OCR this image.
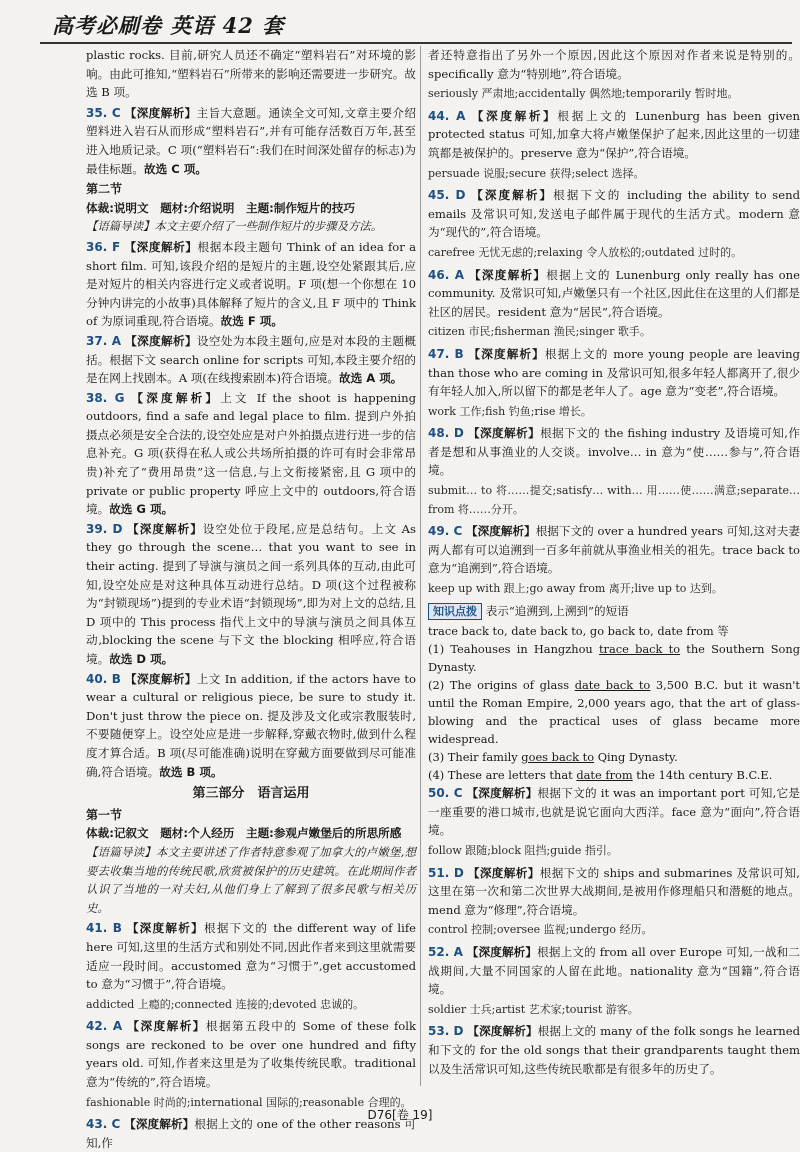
高考必刷卷 英语 42 套

plastic rocks. 目前,研究人员还不确定“塑料岩石”对环境的影响。由此可推知,“塑料岩石”所带来的影响还需要进一步研究。故选 B 项。

35. C 【深度解析】主旨大意题。通读全文可知,文章主要介绍塑料进入岩石从而形成“塑料岩石”,并有可能存活数百万年,甚至进入地质记录。C 项(“塑料岩石”:我们在时间深处留存的标志)为最佳标题。故选 C 项。

第二节
体裁:说明文　题材:介绍说明　主题:制作短片的技巧

【语篇导读】本文主要介绍了一些制作短片的步骤及方法。

36. F 【深度解析】根据本段主题句 Think of an idea for a short film. 可知,该段介绍的是短片的主题,设空处紧跟其后,应是对短片的相关内容进行定义或者说明。F 项(想一个你想在 10 分钟内讲完的小故事)具体解释了短片的含义,且 F 项中的 Think of 为原词重现,符合语境。故选 F 项。

37. A 【深度解析】设空处为本段主题句,应是对本段的主题概括。根据下文 search online for scripts 可知,本段主要介绍的是在网上找剧本。A 项(在线搜索剧本)符合语境。故选 A 项。

38. G 【深度解析】上文 If the shoot is happening outdoors, find a safe and legal place to film. 提到户外拍摄点必须是安全合法的,设空处应是对户外拍摄点进行进一步的信息补充。G 项(获得在私人或公共场所拍摄的许可有时会非常昂贵)补充了“费用昂贵”这一信息,与上文衔接紧密,且 G 项中的 private or public property 呼应上文中的 outdoors,符合语境。故选 G 项。

39. D 【深度解析】设空处位于段尾,应是总结句。上文 As they go through the scene… that you want to see in their acting. 提到了导演与演员之间一系列具体的互动,由此可知,设空处应是对这种具体互动进行总结。D 项(这个过程被称为“封锁现场”)提到的专业术语“封锁现场”,即为对上文的总结,且 D 项中的 This process 指代上文中的导演与演员之间具体互动,blocking the scene 与下文 the blocking 相呼应,符合语境。故选 D 项。

40. B 【深度解析】上文 In addition, if the actors have to wear a cultural or religious piece, be sure to study it. Don't just throw the piece on. 提及涉及文化或宗教服装时,不要随便穿上。设空处应是进一步解释,穿戴衣物时,做到什么程度才算合适。B 项(尽可能准确)说明在穿戴方面要做到尽可能准确,符合语境。故选 B 项。

第三部分　语言运用
第一节
体裁:记叙文　题材:个人经历　主题:参观卢嫩堡后的所思所感

【语篇导读】本文主要讲述了作者特意参观了加拿大的卢嫩堡,想要去收集当地的传统民歌,欣赏被保护的历史建筑。在此期间作者认识了当地的一对夫妇,从他们身上了解到了很多民歌与相关历史。

41. B 【深度解析】根据下文的 the different way of life here 可知,这里的生活方式和别处不同,因此作者来到这里就需要适应一段时间。accustomed 意为“习惯于”,get accustomed to 意为“习惯于”,符合语境。

addicted 上瘾的;connected 连接的;devoted 忠诚的。

42. A 【深度解析】根据第五段中的 Some of these folk songs are reckoned to be over one hundred and fifty years old. 可知,作者来这里是为了收集传统民歌。traditional 意为“传统的”,符合语境。

fashionable 时尚的;international 国际的;reasonable 合理的。

43. C 【深度解析】根据上文的 one of the other reasons 可知,作

者还特意指出了另外一个原因,因此这个原因对作者来说是特别的。specifically 意为“特别地”,符合语境。

seriously 严肃地;accidentally 偶然地;temporarily 暂时地。

44. A 【深度解析】根据上文的 Lunenburg has been given protected status 可知,加拿大将卢嫩堡保护了起来,因此这里的一切建筑都是被保护的。preserve 意为“保护”,符合语境。

persuade 说服;secure 获得;select 选择。

45. D 【深度解析】根据下文的 including the ability to send emails 及常识可知,发送电子邮件属于现代的生活方式。modern 意为“现代的”,符合语境。

carefree 无忧无虑的;relaxing 令人放松的;outdated 过时的。

46. A 【深度解析】根据上文的 Lunenburg only really has one community. 及常识可知,卢嫩堡只有一个社区,因此住在这里的人们都是社区的居民。resident 意为“居民”,符合语境。

citizen 市民;fisherman 渔民;singer 歌手。

47. B 【深度解析】根据上文的 more young people are leaving than those who are coming in 及常识可知,很多年轻人都离开了,很少有年轻人加入,所以留下的都是老年人了。age 意为“变老”,符合语境。

work 工作;fish 钓鱼;rise 增长。

48. D 【深度解析】根据下文的 the fishing industry 及语境可知,作者是想和从事渔业的人交谈。involve… in 意为“使……参与”,符合语境。

submit… to 将……提交;satisfy… with… 用……使……满意;separate… from 将……分开。

49. C 【深度解析】根据下文的 over a hundred years 可知,这对夫妻两人都有可以追溯到一百多年前就从事渔业相关的祖先。trace back to 意为“追溯到”,符合语境。

keep up with 跟上;go away from 离开;live up to 达到。

知识点拨 表示“追溯到,上溯到”的短语

trace back to, date back to, go back to, date from 等

(1) Teahouses in Hangzhou trace back to the Southern Song Dynasty.

(2) The origins of glass date back to 3,500 B.C. but it wasn't until the Roman Empire, 2,000 years ago, that the art of glass-blowing and the practical uses of glass became more widespread.

(3) Their family goes back to Qing Dynasty.

(4) These are letters that date from the 14th century B.C.E.

50. C 【深度解析】根据下文的 it was an important port 可知,它是一座重要的港口城市,也就是说它面向大西洋。face 意为“面向”,符合语境。

follow 跟随;block 阻挡;guide 指引。

51. D 【深度解析】根据下文的 ships and submarines 及常识可知,这里在第一次和第二次世界大战期间,是被用作修理船只和潜艇的地点。mend 意为“修理”,符合语境。

control 控制;oversee 监视;undergo 经历。

52. A 【深度解析】根据上文的 from all over Europe 可知,一战和二战期间,大量不同国家的人留在此地。nationality 意为“国籍”,符合语境。

soldier 士兵;artist 艺术家;tourist 游客。

53. D 【深度解析】根据上文的 many of the folk songs he learned 和下文的 for the old songs that their grandparents taught them 以及生活常识可知,这些传统民歌都是有很多年的历史了。

D76[卷 19]
